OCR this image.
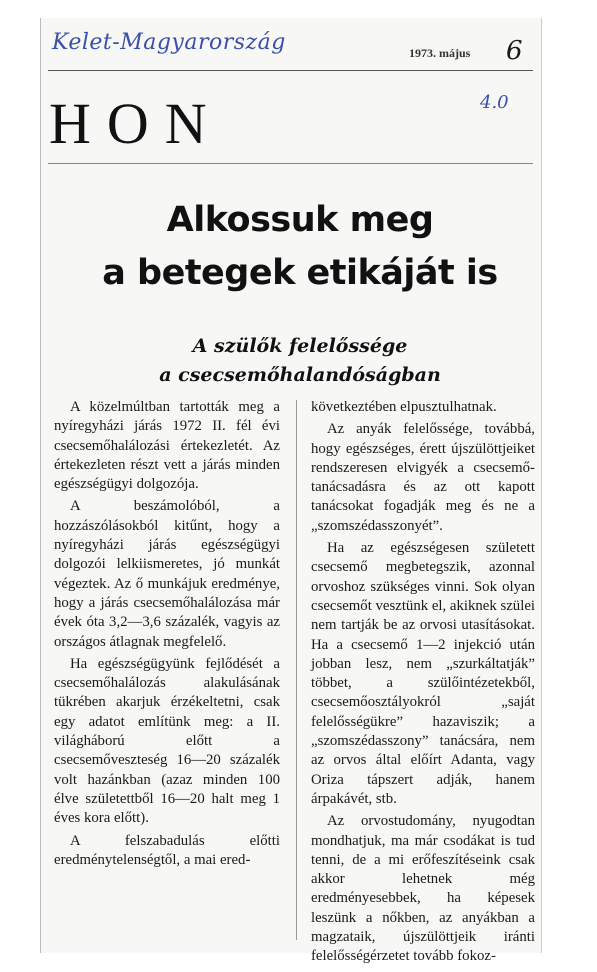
Kelet-Magyarország	1973. május 6
4.0
HON
Alkossuk meg
a betegek etikáját is
A szülők felelőssége
a csecsemőhalandóságban

A közelmúltban tartották meg a nyíregyházi járás 1972 II. fél évi csecsemőhalálozási értekezletét. Az értekezleten részt vett a járás minden egészségügyi dolgozója.

A beszámolóból, a hozzászólásokból kitűnt, hogy a nyíregyházi járás egészségügyi dolgozói lelkiismeretes, jó munkát végeztek. Az ő munkájuk eredménye, hogy a járás csecsemőhalálozása már évek óta 3,2—3,6 százalék, vagyis az országos átlagnak megfelelő.

Ha egészségügyünk fejlődését a csecsemőhalálozás alakulásának tükrében akarjuk érzékeltetni, csak egy adatot említünk meg: a II. világháború előtt a csecsemőveszteség 16—20 százalék volt hazánkban (azaz minden 100 élve születettből 16—20 halt meg 1 éves kora előtt).

A felszabadulás előtti eredménytelenségtől, a mai ered-

következtében elpusztulhatnak.

Az anyák felelőssége, továbbá, hogy egészséges, érett újszülöttjeiket rendszeresen elvigyék a csecsemő-tanácsadásra és az ott kapott tanácsokat fogadják meg és ne a „szomszédasszonyét”.

Ha az egészségesen született csecsemő megbetegszik, azonnal orvoshoz szükséges vinni. Sok olyan csecsemőt vesztünk el, akiknek szülei nem tartják be az orvosi utasításokat. Ha a csecsemő 1—2 injekció után jobban lesz, nem „szurkáltatják” többet, a szülőintézetekből, csecsemőosztályokról „saját felelősségükre” hazaviszik; a „szomszédasszony” tanácsára, nem az orvos által előírt Adanta, vagy Oriza tápszert adják, hanem árpakávét, stb.

Az orvostudomány, nyugodtan mondhatjuk, ma már csodákat is tud tenni, de a mi erőfeszítéseink csak akkor lehetnek még eredményesebbek, ha képesek leszünk a nőkben, az anyákban a magzataik, újszülöttjeik iránti felelősségérzetet tovább fokoz-
